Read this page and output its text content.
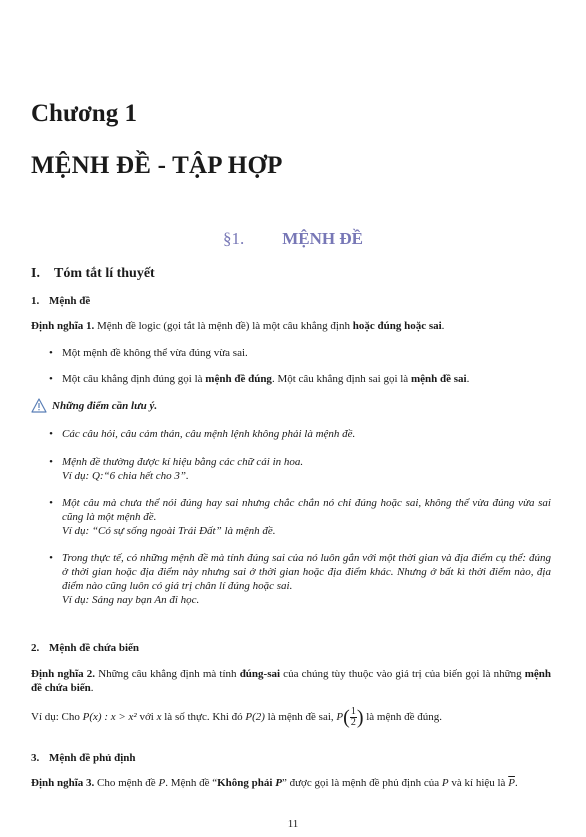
Chương 1
MỆNH ĐỀ - TẬP HỢP
§1. MỆNH ĐỀ
I. Tóm tắt lí thuyết
1. Mệnh đề
Định nghĩa 1. Mệnh đề logic (gọi tắt là mệnh đề) là một câu khẳng định hoặc đúng hoặc sai.
• Một mệnh đề không thể vừa đúng vừa sai.
• Một câu khẳng định đúng gọi là mệnh đề đúng. Một câu khẳng định sai gọi là mệnh đề sai.
Những điểm cần lưu ý.
• Các câu hỏi, câu cảm thán, câu mệnh lệnh không phải là mệnh đề.
• Mệnh đề thường được kí hiệu bằng các chữ cái in hoa.
Ví dụ: Q:“6 chia hết cho 3”.
• Một câu mà chưa thể nói đúng hay sai nhưng chắc chắn nó chỉ đúng hoặc sai, không thể vừa đúng vừa sai cũng là một mệnh đề.
Ví dụ: “Có sự sống ngoài Trái Đất” là mệnh đề.
• Trong thực tế, có những mệnh đề mà tính đúng sai của nó luôn gắn với một thời gian và địa điểm cụ thể: đúng ở thời gian hoặc địa điểm này nhưng sai ở thời gian hoặc địa điểm khác. Nhưng ở bất kì thời điểm nào, địa điểm nào cũng luôn có giá trị chân lí đúng hoặc sai.
Ví dụ: Sáng nay bạn An đi học.
2. Mệnh đề chứa biến
Định nghĩa 2. Những câu khẳng định mà tính đúng-sai của chúng tùy thuộc vào giá trị của biến gọi là những mệnh đề chứa biến.
Ví dụ: Cho P(x) : x > x² với x là số thực. Khi đó P(2) là mệnh đề sai, $P( \frac{1}{2}$ ) là mệnh đề đúng.
3. Mệnh đề phủ định
Định nghĩa 3. Cho mệnh đề P. Mệnh đề “Không phải P” được gọi là mệnh đề phủ định của P và kí hiệu là $\overline{P}$.
11
